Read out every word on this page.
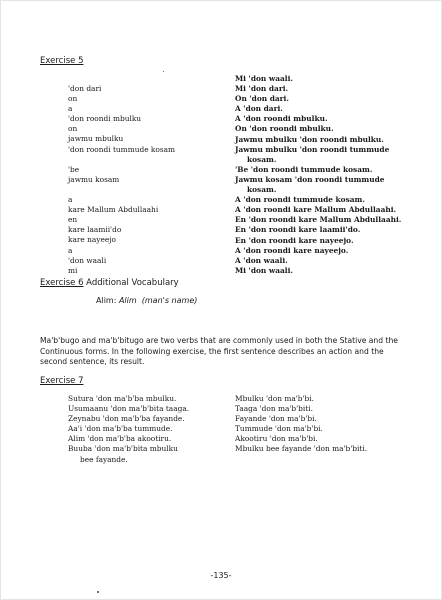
Exercise 5
'don dari
on
a
'don roondi mbulku
on
jawmu mbulku
'don roondi tummude kosam

'be
jawmu kosam

a
kare Mallum Abdullaahi
en
kare laamii'do
kare nayeejo
a
'don waali
mi
Mi 'don waali.
Mi 'don dari.
On 'don dari.
A 'don dari.
A 'don roondi mbulku.
On 'don roondi mbulku.
Jawmu mbulku 'don roondi mbulku.
Jawmu mbulku 'don roondi tummude
kosam.
'Be 'don roondi tummude kosam.
Jawmu kosam 'don roondi tummude
kosam.
A 'don roondi tummude kosam.
A 'don roondi kare Mallum Abdullaahi.
En 'don roondi kare Mallum Abdullaahi.
En 'don roondi kare laamii'do.
En 'don roondi kare nayeejo.
A 'don roondi kare nayeejo.
A 'don waali.
Mi 'don waali.
Exercise 6 Additional Vocabulary
Alim: Alim  (man's name)
Ma'b'bugo and ma'b'bitugo are two verbs that are commonly used in both the Stative and the Continuous forms. In the following exercise, the first sentence describes an action and the second sentence, its result.
Exercise 7
Sutura 'don ma'b'ba mbulku.
Usumaanu 'don ma'b'bita taaga.
Zeynabu 'don ma'b'ba fayande.
Aa'i 'don ma'b'ba tummude.
Alim 'don ma'b'ba akootiru.
Buuba 'don ma'b'bita mbulku
bee fayande.
Mbulku 'don ma'b'bi.
Taaga 'don ma'b'biti.
Fayande 'don ma'b'bi.
Tummude 'don ma'b'bi.
Akootiru 'don ma'b'bi.
Mbulku bee fayande 'don ma'b'biti.
-135-
